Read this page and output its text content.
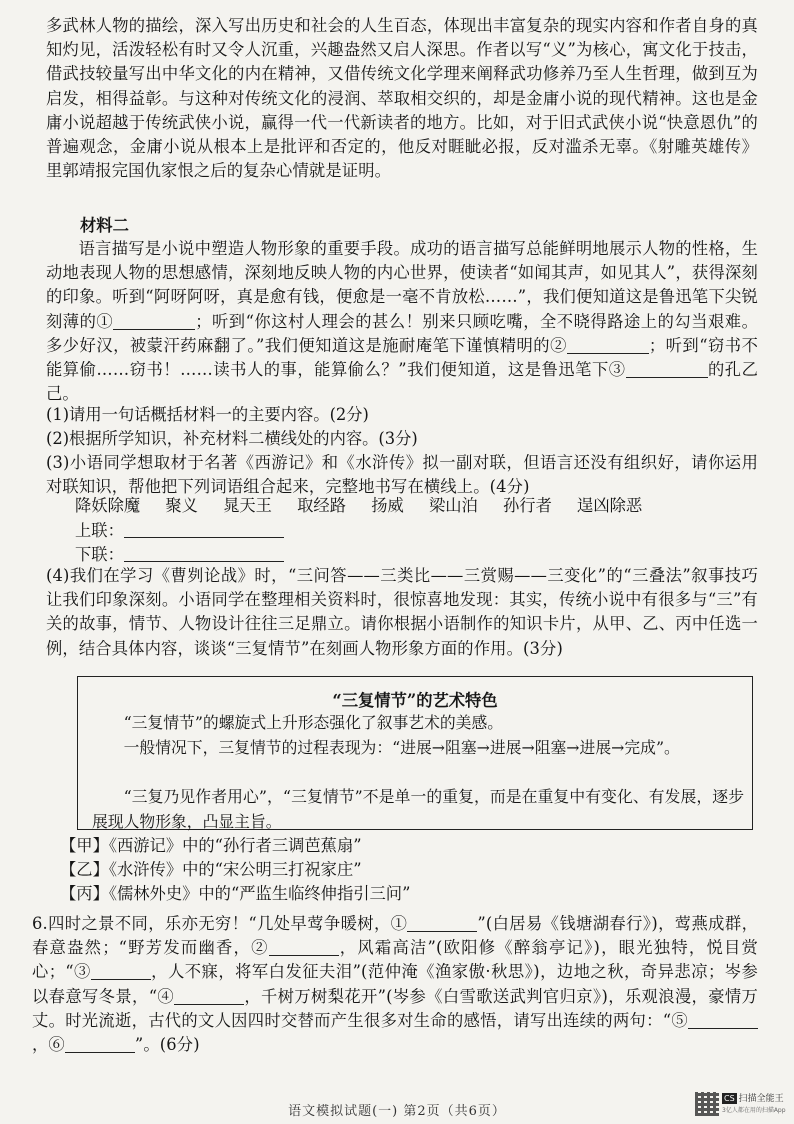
多武林人物的描绘，深入写出历史和社会的人生百态，体现出丰富复杂的现实内容和作者自身的真知灼见，活泼轻松有时又令人沉重，兴趣盎然又启人深思。作者以写“义”为核心，寓文化于技击，借武技较量写出中华文化的内在精神，又借传统文化学理来阐释武功修养乃至人生哲理，做到互为启发，相得益彰。与这种对传统文化的浸润、萃取相交织的，却是金庸小说的现代精神。这也是金庸小说超越于传统武侠小说，赢得一代一代新读者的地方。比如，对于旧式武侠小说“快意恩仇”的普遍观念，金庸小说从根本上是批评和否定的，他反对睚眦必报，反对滥杀无辜。《射雕英雄传》里郭靖报完国仇家恨之后的复杂心情就是证明。

材料二

语言描写是小说中塑造人物形象的重要手段。成功的语言描写总能鲜明地展示人物的性格，生动地表现人物的思想感情，深刻地反映人物的内心世界，使读者“如闻其声，如见其人”，获得深刻的印象。听到“阿呀阿呀，真是愈有钱，便愈是一毫不肯放松……”，我们便知道这是鲁迅笔下尖锐刻薄的①	；听到“你这村人理会的甚么！别来只顾吃嘴，全不晓得路途上的勾当艰难。多少好汉，被蒙汗药麻翻了。”我们便知道这是施耐庵笔下谨慎精明的②	；听到“窃书不能算偷……窃书！……读书人的事，能算偷么？”我们便知道，这是鲁迅笔下③	的孔乙己。

(1)请用一句话概括材料一的主要内容。(2分)
(2)根据所学知识，补充材料二横线处的内容。(3分)

(3)小语同学想取材于名著《西游记》和《水浒传》拟一副对联，但语言还没有组织好，请你运用对联知识，帮他把下列词语组合起来，完整地书写在横线上。(4分)

降妖除魔 聚义 晁天王 取经路 扬威 梁山泊 孙行者 逞凶除恶
上联：
下联：

(4)我们在学习《曹刿论战》时，“三问答——三类比——三赏赐——三变化”的“三叠法”叙事技巧让我们印象深刻。小语同学在整理相关资料时，很惊喜地发现：其实，传统小说中有很多与“三”有关的故事，情节、人物设计往往三足鼎立。请你根据小语制作的知识卡片，从甲、乙、丙中任选一例，结合具体内容，谈谈“三复情节”在刻画人物形象方面的作用。(3分)

“三复情节”的艺术特色

“三复情节”的螺旋式上升形态强化了叙事艺术的美感。

一般情况下，三复情节的过程表现为：“进展→阻塞→进展→阻塞→进展→完成”。

“三复乃见作者用心”，“三复情节”不是单一的重复，而是在重复中有变化、有发展，逐步展现人物形象，凸显主旨。

【甲】《西游记》中的“孙行者三调芭蕉扇”
【乙】《水浒传》中的“宋公明三打祝家庄”
【丙】《儒林外史》中的“严监生临终伸指引三问”

6.四时之景不同，乐亦无穷！“几处早莺争暖树，①	”(白居易《钱塘湖春行》)，莺燕成群，春意盎然；“野芳发而幽香，②	，风霜高洁”(欧阳修《醉翁亭记》)，眼光独特，悦目赏心；“③	，人不寐，将军白发征夫泪”(范仲淹《渔家傲·秋思》)，边地之秋，奇异悲凉；岑参以春意写冬景，“④	，千树万树梨花开”(岑参《白雪歌送武判官归京》)，乐观浪漫，豪情万丈。时光流逝，古代的文人因四时交替而产生很多对生命的感悟，请写出连续的两句：“⑤，⑥	”。(6分)

语文模拟试题(一) 第2页（共6页）
CS 扫描全能王
3亿人都在用的扫描App
